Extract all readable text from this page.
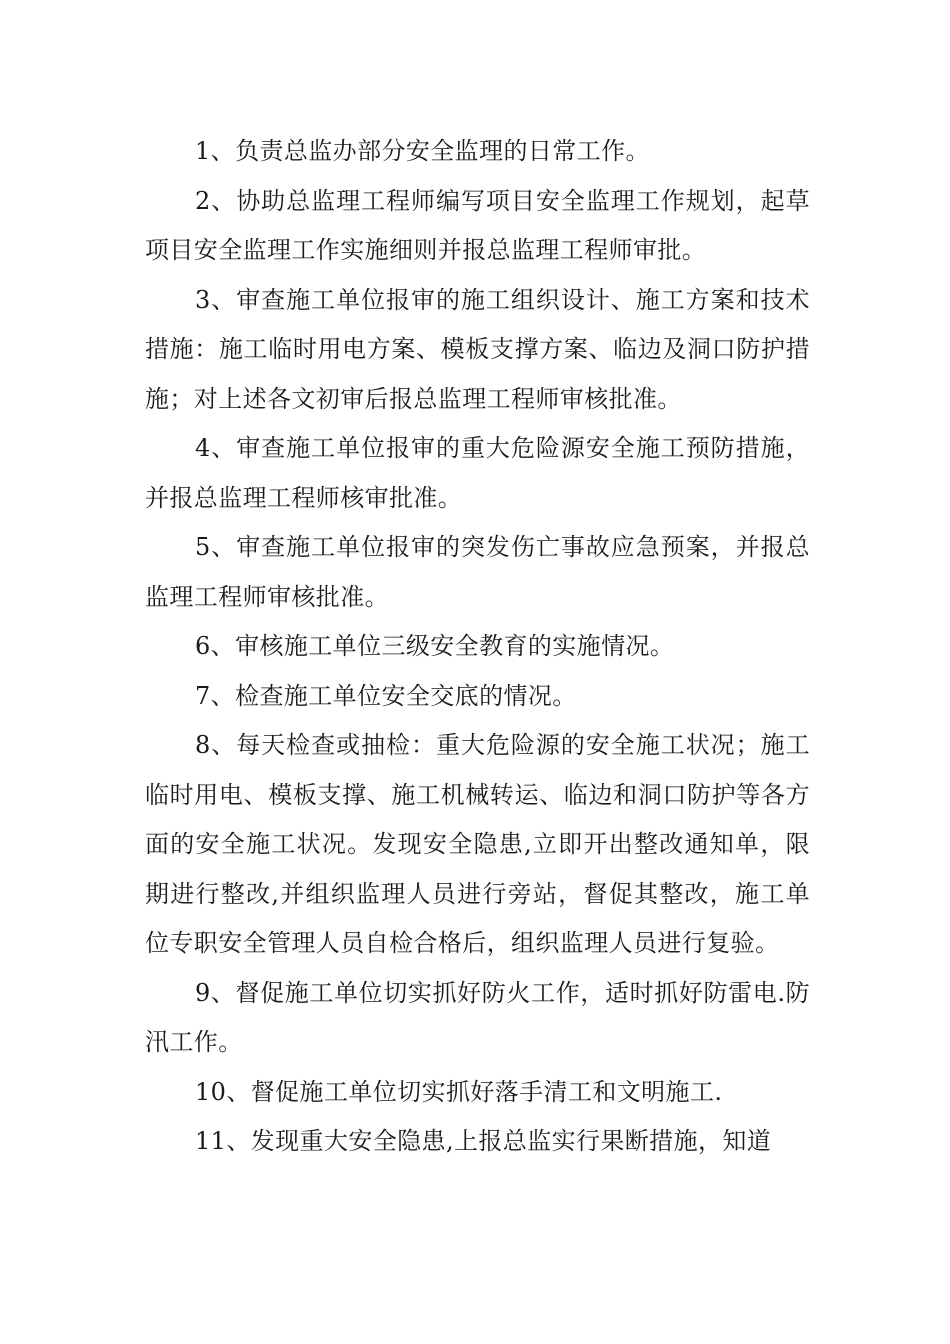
1、负责总监办部分安全监理的日常工作。

2、协助总监理工程师编写项目安全监理工作规划，起草项目安全监理工作实施细则并报总监理工程师审批。

3、审查施工单位报审的施工组织设计、施工方案和技术措施：施工临时用电方案、模板支撑方案、临边及洞口防护措施；对上述各文初审后报总监理工程师审核批准。

4、审查施工单位报审的重大危险源安全施工预防措施，并报总监理工程师核审批准。

5、审查施工单位报审的突发伤亡事故应急预案，并报总监理工程师审核批准。

6、审核施工单位三级安全教育的实施情况。

7、检查施工单位安全交底的情况。

8、每天检查或抽检：重大危险源的安全施工状况；施工临时用电、模板支撑、施工机械转运、临边和洞口防护等各方面的安全施工状况。发现安全隐患,立即开出整改通知单，限期进行整改,并组织监理人员进行旁站，督促其整改，施工单位专职安全管理人员自检合格后，组织监理人员进行复验。

9、督促施工单位切实抓好防火工作，适时抓好防雷电.防汛工作。

10、督促施工单位切实抓好落手清工和文明施工.

11、发现重大安全隐患,上报总监实行果断措施，知道
